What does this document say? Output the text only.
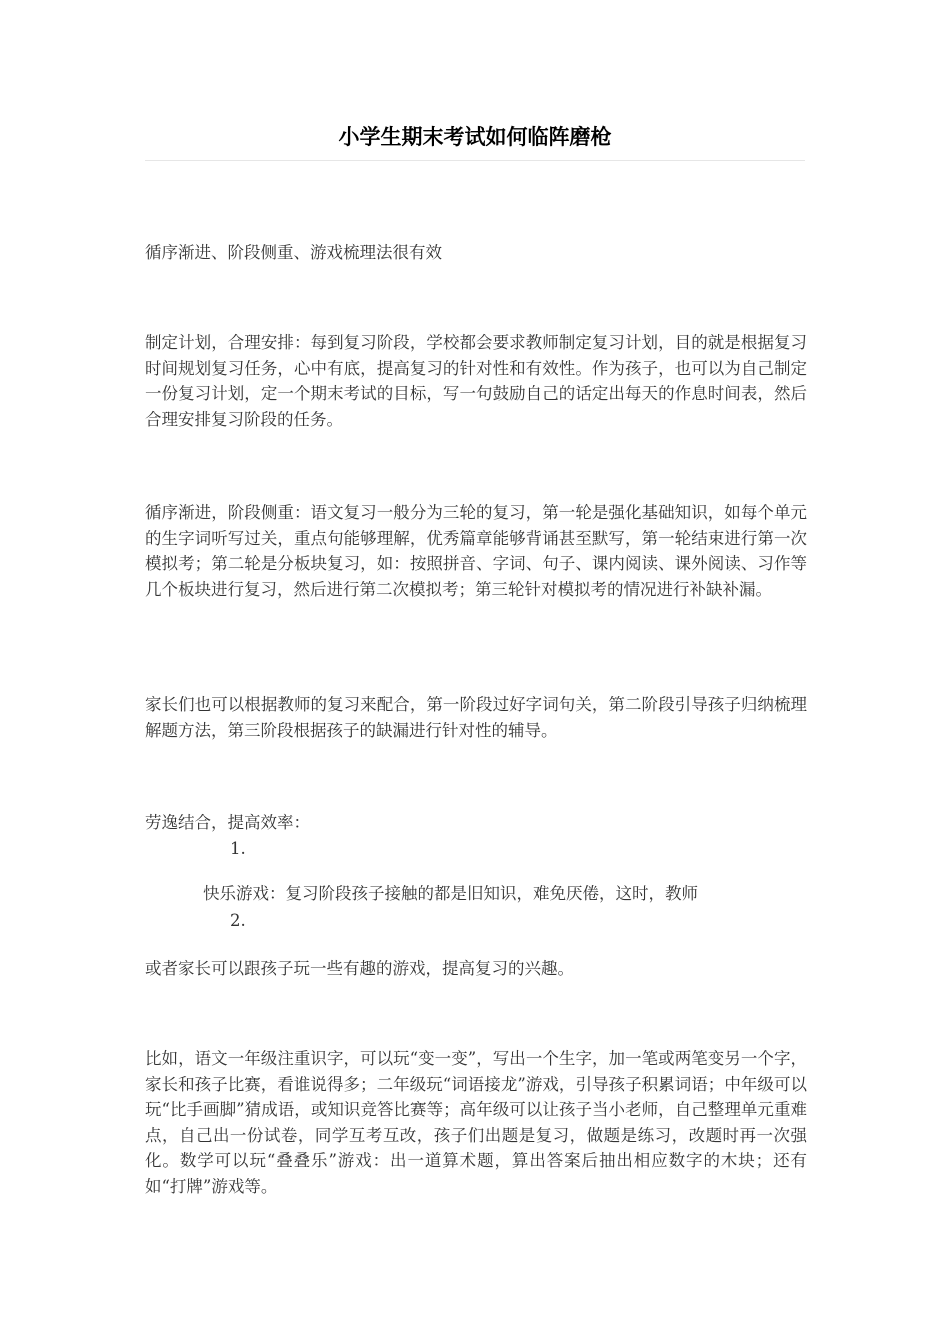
小学生期末考试如何临阵磨枪

循序渐进、阶段侧重、游戏梳理法很有效

制定计划，合理安排：每到复习阶段，学校都会要求教师制定复习计划，目的就是根据复习时间规划复习任务，心中有底，提高复习的针对性和有效性。作为孩子，也可以为自己制定一份复习计划，定一个期末考试的目标，写一句鼓励自己的话定出每天的作息时间表，然后合理安排复习阶段的任务。

循序渐进，阶段侧重：语文复习一般分为三轮的复习，第一轮是强化基础知识，如每个单元的生字词听写过关，重点句能够理解，优秀篇章能够背诵甚至默写，第一轮结束进行第一次模拟考；第二轮是分板块复习，如：按照拼音、字词、句子、课内阅读、课外阅读、习作等几个板块进行复习，然后进行第二次模拟考；第三轮针对模拟考的情况进行补缺补漏。

家长们也可以根据教师的复习来配合，第一阶段过好字词句关，第二阶段引导孩子归纳梳理解题方法，第三阶段根据孩子的缺漏进行针对性的辅导。

劳逸结合，提高效率：

1.
快乐游戏：复习阶段孩子接触的都是旧知识，难免厌倦，这时，教师
2.

或者家长可以跟孩子玩一些有趣的游戏，提高复习的兴趣。

比如，语文一年级注重识字，可以玩“变一变”，写出一个生字，加一笔或两笔变另一个字，家长和孩子比赛，看谁说得多；二年级玩“词语接龙”游戏，引导孩子积累词语；中年级可以玩“比手画脚”猜成语，或知识竞答比赛等；高年级可以让孩子当小老师，自己整理单元重难点，自己出一份试卷，同学互考互改，孩子们出题是复习，做题是练习，改题时再一次强化。数学可以玩“叠叠乐”游戏：出一道算术题，算出答案后抽出相应数字的木块；还有如“打牌”游戏等。
